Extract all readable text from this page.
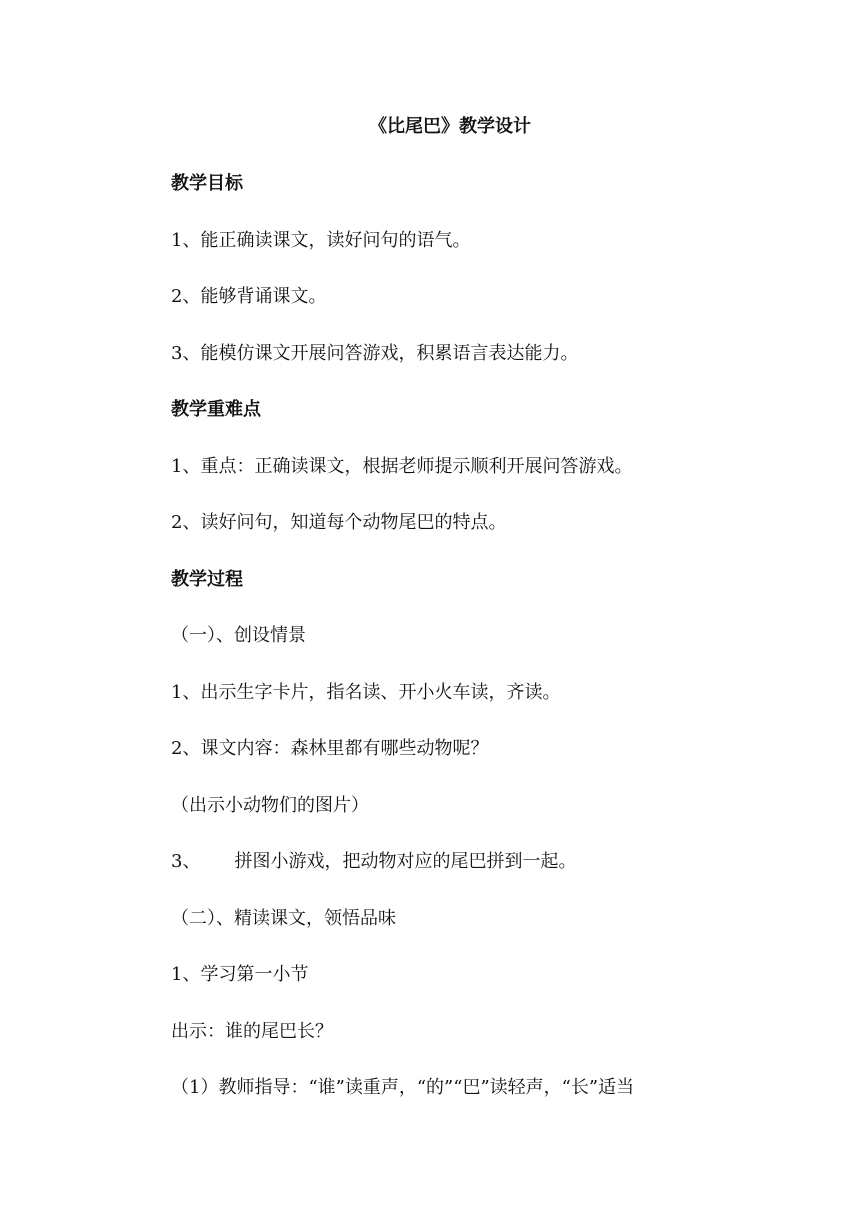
《比尾巴》教学设计
教学目标
1、能正确读课文，读好问句的语气。
2、能够背诵课文。
3、能模仿课文开展问答游戏，积累语言表达能力。
教学重难点
1、重点：正确读课文，根据老师提示顺利开展问答游戏。
2、读好问句，知道每个动物尾巴的特点。
教学过程
（一）、创设情景
1、出示生字卡片，指名读、开小火车读，齐读。
2、课文内容：森林里都有哪些动物呢？
（出示小动物们的图片）
3、 拼图小游戏，把动物对应的尾巴拼到一起。
（二）、精读课文，领悟品味
1、学习第一小节
出示：谁的尾巴长？
（1）教师指导：“谁”读重声，“的”“巴”读轻声，“长”适当
